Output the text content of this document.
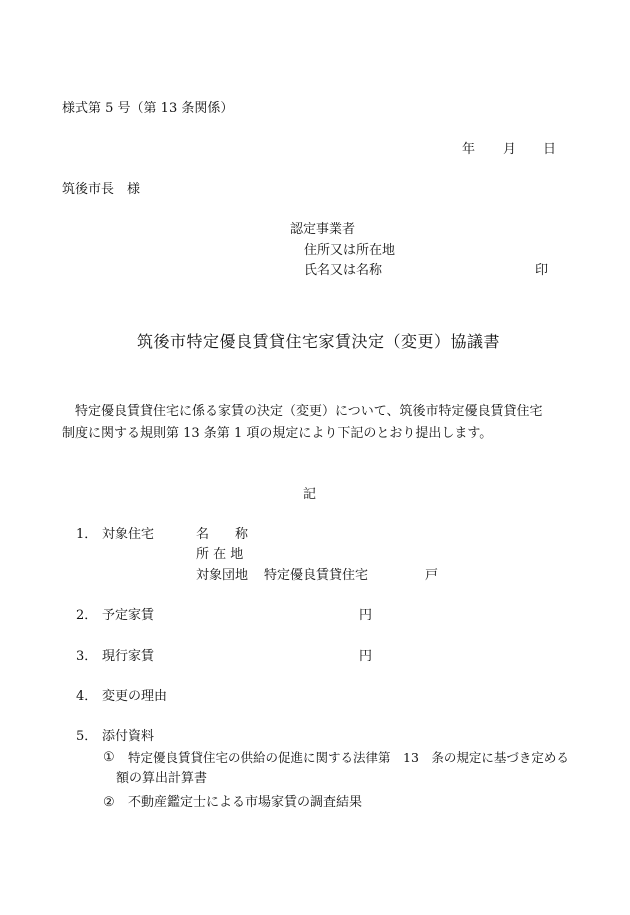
様式第 5 号（第 13 条関係）
年 月 日
筑後市長　様
認定事業者
住所又は所在地
氏名又は名称	印
筑後市特定優良賃貸住宅家賃決定（変更）協議書
特定優良賃貸住宅に係る家賃の決定（変更）について、筑後市特定優良賃貸住宅
制度に関する規則第 13 条第 1 項の規定により下記のとおり提出します。
記
1． 対象住宅	名　　称
所 在 地
対象団地 特定優良賃貸住宅	戸
2． 予定家賃	円
3． 現行家賃	円
4． 変更の理由
5． 添付資料
① 特定優良賃貸住宅の供給の促進に関する法律第　13　条の規定に基づき定める
額の算出計算書
② 不動産鑑定士による市場家賃の調査結果
